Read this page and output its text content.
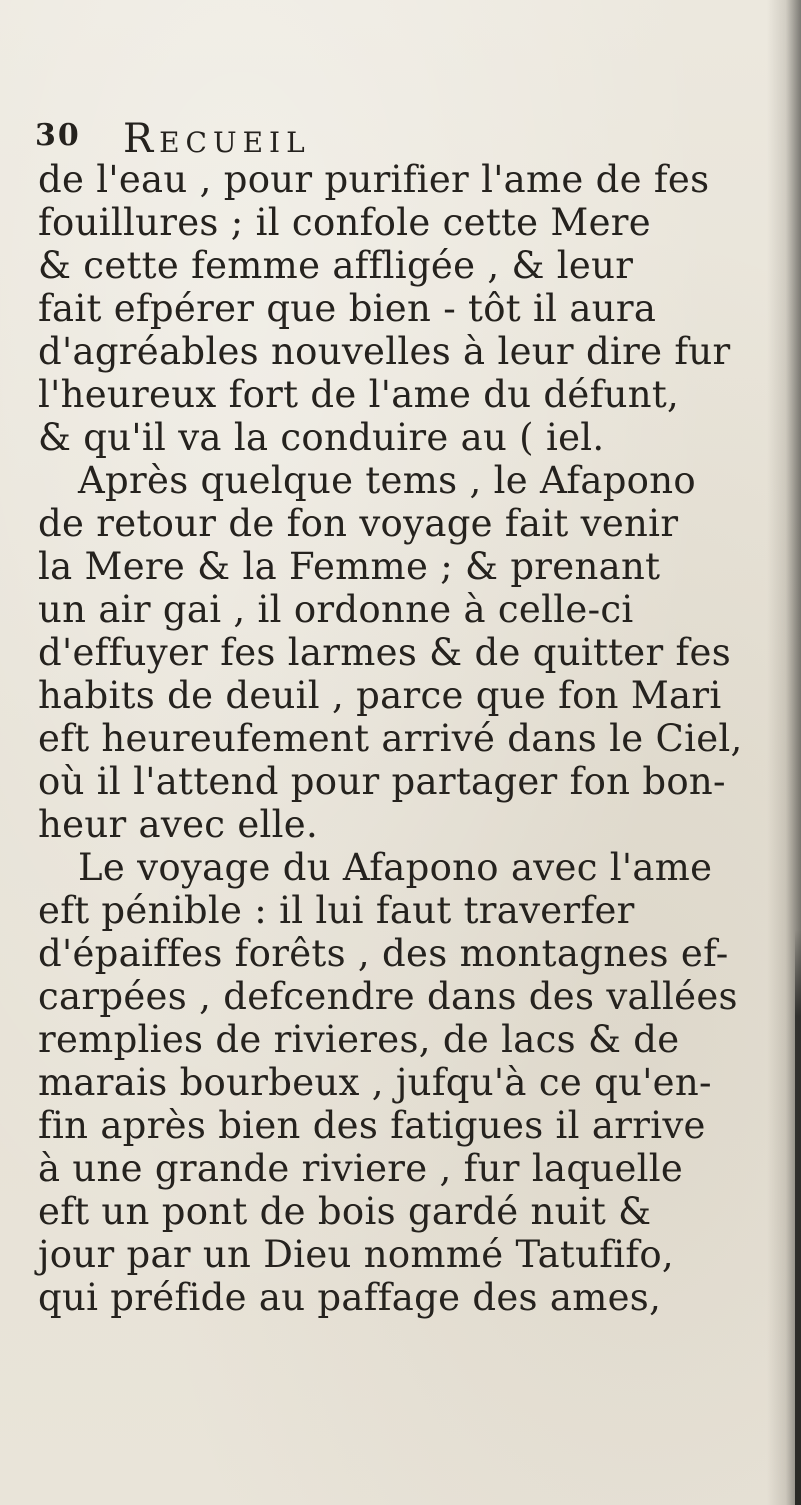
30 Recueil
de l'eau , pour purifier l'ame de fes
fouillures ; il confole cette Mere
& cette femme affligée , & leur
fait efpérer que bien - tôt il aura
d'agréables nouvelles à leur dire fur
l'heureux fort de l'ame du défunt,
& qu'il va la conduire au ( iel.
Après quelque tems , le Afapono
de retour de fon voyage fait venir
la Mere & la Femme ; & prenant
un air gai , il ordonne à celle-ci
d'effuyer fes larmes & de quitter fes
habits de deuil , parce que fon Mari
eft heureufement arrivé dans le Ciel,
où il l'attend pour partager fon bon-
heur avec elle.
Le voyage du Afapono avec l'ame
eft pénible : il lui faut traverfer
d'épaiffes forêts , des montagnes ef-
carpées , defcendre dans des vallées
remplies de rivieres, de lacs & de
marais bourbeux , jufqu'à ce qu'en-
fin après bien des fatigues il arrive
à une grande riviere , fur laquelle
eft un pont de bois gardé nuit &
jour par un Dieu nommé Tatufifo,
qui préfide au paffage des ames,
